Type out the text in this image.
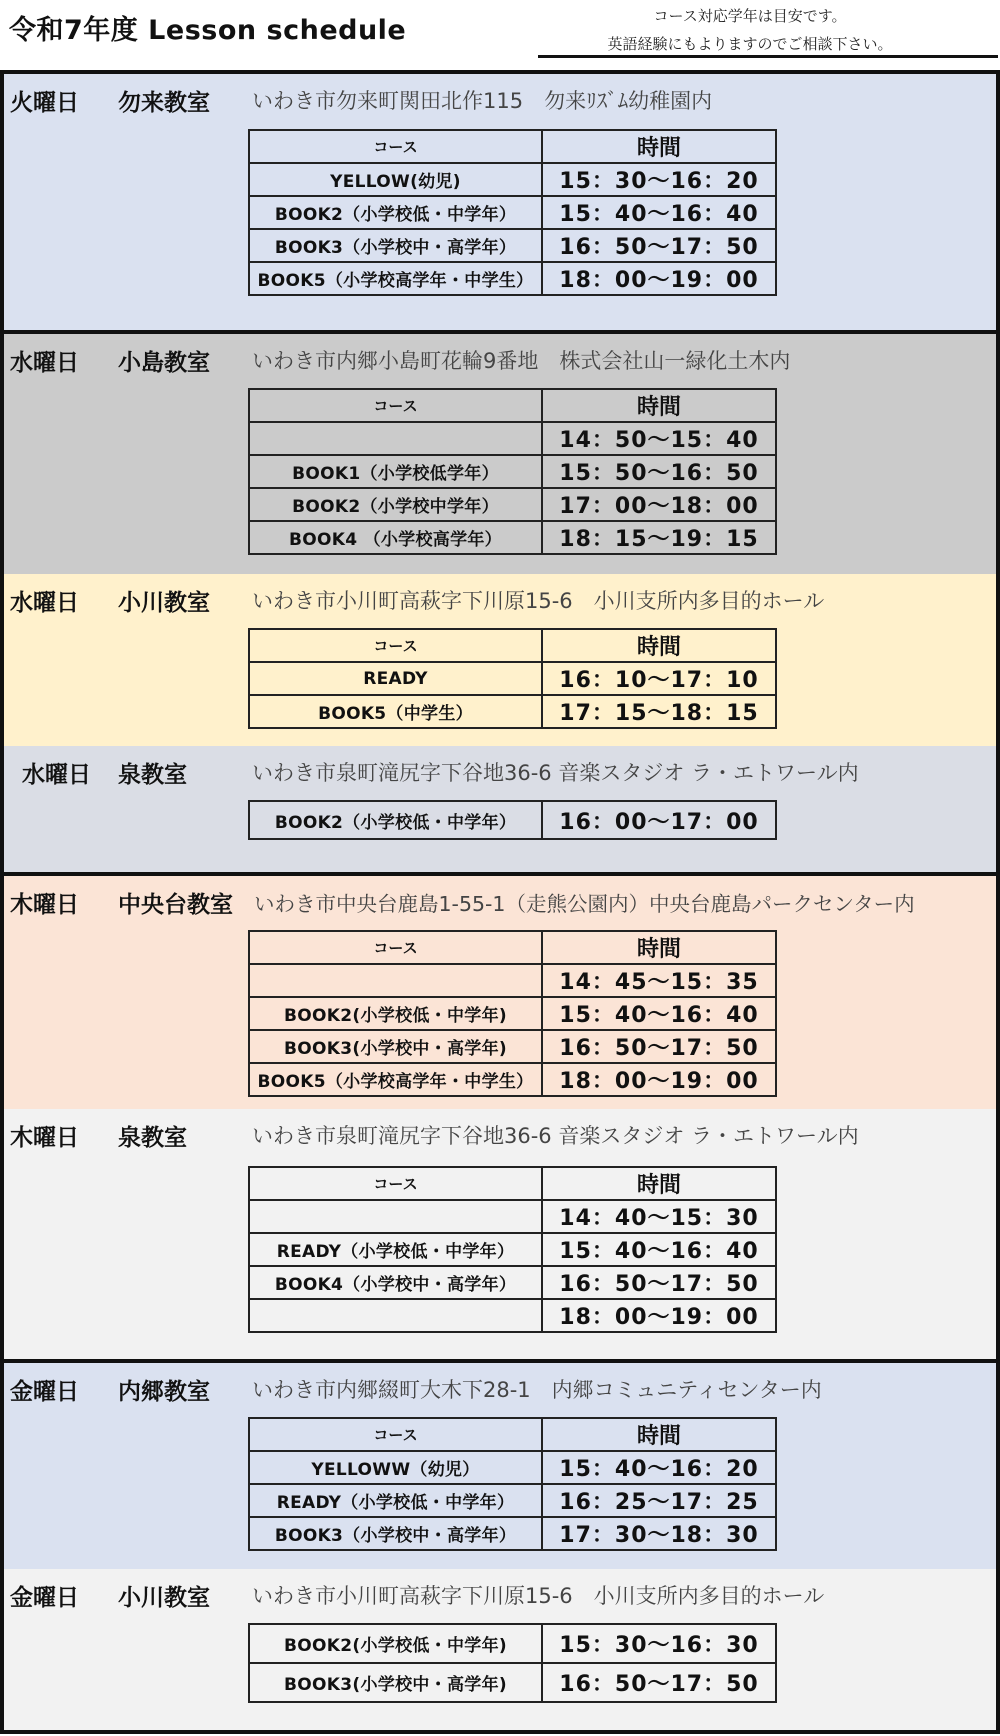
令和7年度 Lesson schedule	コース対応学年は目安です。
英語経験にもよりますのでご相談下さい。
火曜日 勿来教室 いわき市勿来町関田北作115　勿来ﾘｽﾞﾑ幼稚園内
コース	時間
YELLOW(幼児)	15：30〜16：20
BOOK2（小学校低・中学年）	15：40〜16：40
BOOK3（小学校中・高学年）	16：50〜17：50
BOOK5（小学校高学年・中学生）	18：00〜19：00
水曜日 小島教室 いわき市内郷小島町花輪9番地　株式会社山一緑化土木内
コース	時間
	14：50〜15：40
BOOK1（小学校低学年）	15：50〜16：50
BOOK2（小学校中学年）	17：00〜18：00
BOOK4 （小学校高学年）	18：15〜19：15
水曜日 小川教室 いわき市小川町高萩字下川原15-6　小川支所内多目的ホール
コース	時間
READY	16：10〜17：10
BOOK5（中学生）	17：15〜18：15
水曜日 泉教室	いわき市泉町滝尻字下谷地36-6 音楽スタジオ ラ・エトワール内
BOOK2（小学校低・中学年）	16：00〜17：00
木曜日 中央台教室 いわき市中央台鹿島1-55-1（走熊公園内）中央台鹿島パークセンター内
コース	時間
	14：45〜15：35
BOOK2(小学校低・中学年)	15：40〜16：40
BOOK3(小学校中・高学年)	16：50〜17：50
BOOK5（小学校高学年・中学生）	18：00〜19：00
木曜日 泉教室	いわき市泉町滝尻字下谷地36-6 音楽スタジオ ラ・エトワール内
コース	時間
	14：40〜15：30
READY（小学校低・中学年）	15：40〜16：40
BOOK4（小学校中・高学年）	16：50〜17：50
	18：00〜19：00
金曜日 内郷教室 いわき市内郷綴町大木下28-1　内郷コミュニティセンター内
コース	時間
YELLOWW（幼児）	15：40〜16：20
READY（小学校低・中学年）	16：25〜17：25
BOOK3（小学校中・高学年）	17：30〜18：30
金曜日 小川教室 いわき市小川町高萩字下川原15-6　小川支所内多目的ホール
BOOK2(小学校低・中学年)	15：30〜16：30
BOOK3(小学校中・高学年)	16：50〜17：50
